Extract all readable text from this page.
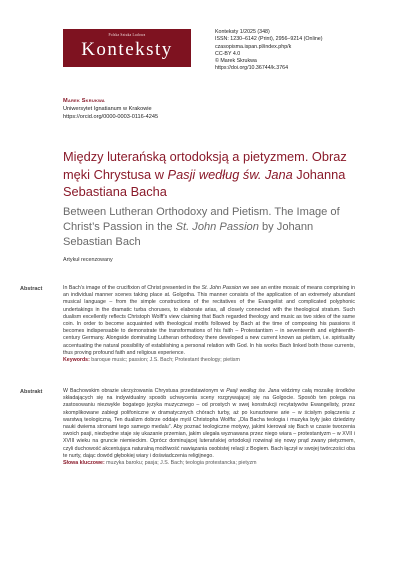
Polska Sztuka Ludowa
Konteksty
Konteksty 1/2025 (348)
ISSN: 1230–6142 (Print), 2956–9214 (Online)
czasopisma.ispan.pl/index.php/k
CC-BY 4.0
© Marek Skrukwa
https://doi.org/10.36744/k.3764
Marek Skrukwa
Uniwersytet Ignatianum w Krakowie
https://orcid.org/0000-0003-0116-4245
Między luterańską ortodoksją a pietyzmem. Obraz męki Chrystusa w Pasji według św. Jana Johanna Sebastiana Bacha
Between Lutheran Orthodoxy and Pietism. The Image of Christ’s Passion in the St. John Passion by Johann Sebastian Bach
Artykuł recenzowany
Abstract	In Bach’s image of the crucifixion of Christ presented in the St. John Passion we see an entire mosaic of means comprising in an individual manner scenes taking place at. Golgotha. This manner consists of the application of an extremely abundant musical language – from the simple constructions of the recitatives of the Evangelist and complicated polyphonic undertakings in the dramatic turba choruses, to elaborate arias, all closely connected with the theological stratum. Such dualism excellently reflects Christoph Wolff’s view claiming that Bach regarded theology and music as two sides of the same coin. In order to become acquainted with theological motifs followed by Bach at the time of composing his passions it becomes indispensable to demonstrate the transformations of his faith – Protestantism – in seventeenth and eighteenth-century Germany. Alongside dominating Lutheran orthodoxy there developed a new current known as pietism, i.e. spirituality accentuating the natural possibility of establishing a personal relation with God. In his works Bach linked both those currents, thus proving profound faith and religious experience.
Keywords: baroque music; passion; J.S. Bach; Protestant theology; pietism
Abstrakt	W Bachowskim obrazie ukrzyżowania Chrystusa przedstawionym w Pasji według św. Jana widzimy całą mozaikę środków składających się na indywidualny sposób uchwycenia sceny rozgrywającej się na Golgocie. Sposób ten polega na zastosowaniu niezwykle bogatego języka muzycznego – od prostych w swej konstrukcji recytatywów Ewangelisty, przez skomplikowane zabiegi polifoniczne w dramatycznych chórach turby, aż po kunsztowne arie – w ścisłym połączeniu z warstwą teologiczną. Ten dualizm dobrze oddaje myśl Christopha Wolffa: „Dla Bacha teologia i muzyka były jako dziedziny nauki dwiema stronami tego samego medalu”. Aby poznać teologiczne motywy, jakimi kierował się Bach w czasie tworzenia swoich pasji, niezbędne staje się ukazanie przemian, jakim ulegała wyznawana przez niego wiara – protestantyzm – w XVII i XVIII wieku na gruncie niemieckim. Oprócz dominującej luterańskiej ortodoksji rozwinął się nowy prąd zwany pietyzmem, czyli duchowość akcentująca naturalną możliwość nawiązania osobistej relacji z Bogiem. Bach łączył w swojej twórczości oba te nurty, dając dowód głębokiej wiary i doświadczenia religijnego.
Słowa kluczowe: muzyka baroku; pasja; J.S. Bach; teologia protestancka; pietyzm
